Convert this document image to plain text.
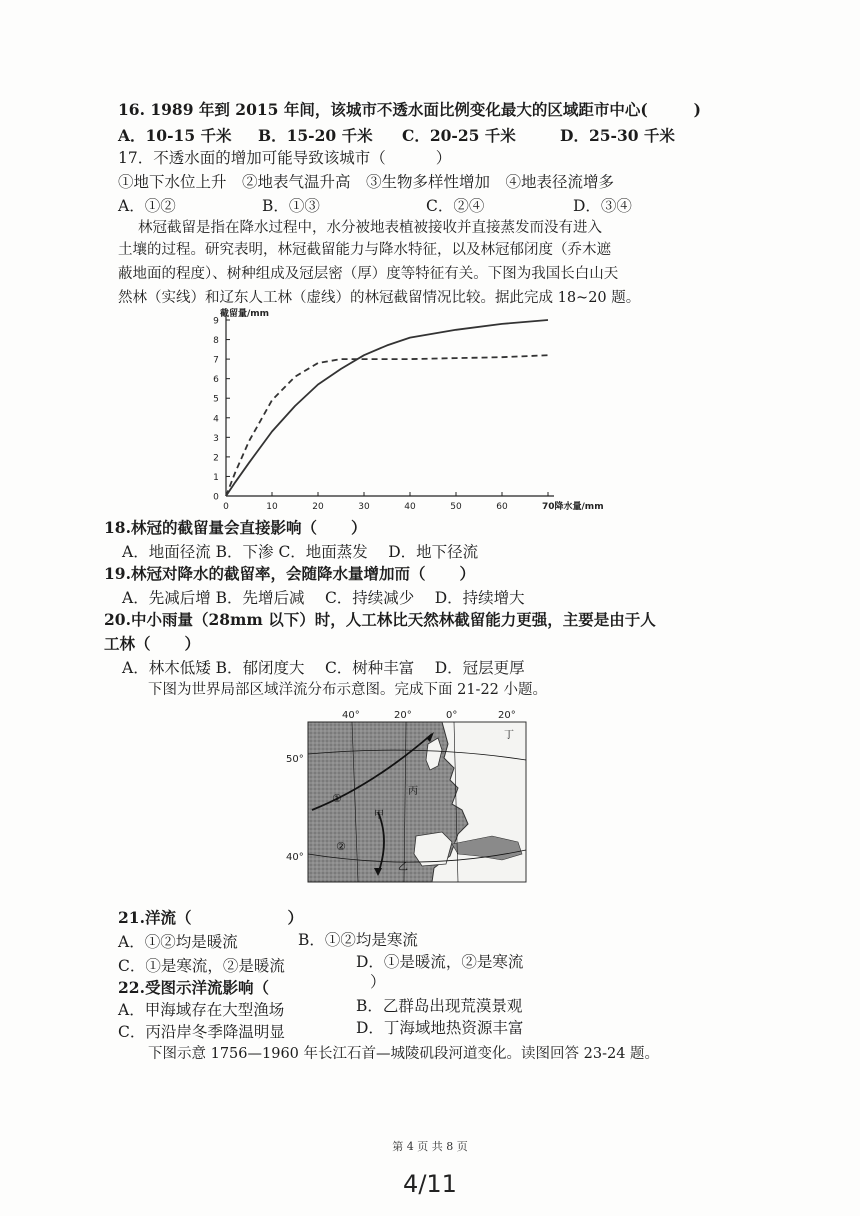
16. 1989 年到 2015 年间，该城市不透水面比例变化最大的区域距市中心(	)
A．10-15 千米 B．15-20 千米 C．20-25 千米	D．25-30 千米
17．不透水面的增加可能导致该城市（	）
①地下水位上升　②地表气温升高　③生物多样性增加　④地表径流增多
A．①②	B．①③	C．②④	D．③④
林冠截留是指在降水过程中，水分被地表植被接收并直接蒸发而没有进入
土壤的过程。研究表明，林冠截留能力与降水特征，以及林冠郁闭度（乔木遮
蔽地面的程度）、树种组成及冠层密（厚）度等特征有关。下图为我国长白山天
然林（实线）和辽东人工林（虚线）的林冠截留情况比较。据此完成 18~20 题。
0
1
2
3
4
5
6
7
8
9
0	10	20	30	40	50	60
截留量/mm
70降水量/mm
18.林冠的截留量会直接影响（ ）
A．地面径流 B．下渗 C．地面蒸发　 D．地下径流
19.林冠对降水的截留率，会随降水量增加而（ ）
A．先减后增 B．先增后减　 C．持续减少　 D．持续增大
20.中小雨量（28mm 以下）时，人工林比天然林截留能力更强，主要是由于人
工林（ ）
A．林木低矮 B．郁闭度大　 C．树种丰富　 D．冠层更厚
下图为世界局部区域洋流分布示意图。完成下面 21-22 小题。
40°	20°	0°	20°
50°
40°
①
②
甲
乙
丙
丁
21.洋流（	）
A．①②均是暖流	B．①②均是寒流
C．①是寒流，②是暖流	D．①是暖流，②是寒流
22.受图示洋流影响（	）
A．甲海域存在大型渔场	B．乙群岛出现荒漠景观
C．丙沿岸冬季降温明显	D．丁海域地热资源丰富
下图示意 1756—1960 年长江石首—城陵矶段河道变化。读图回答 23-24 题。
第 4 页 共 8 页
4/11
